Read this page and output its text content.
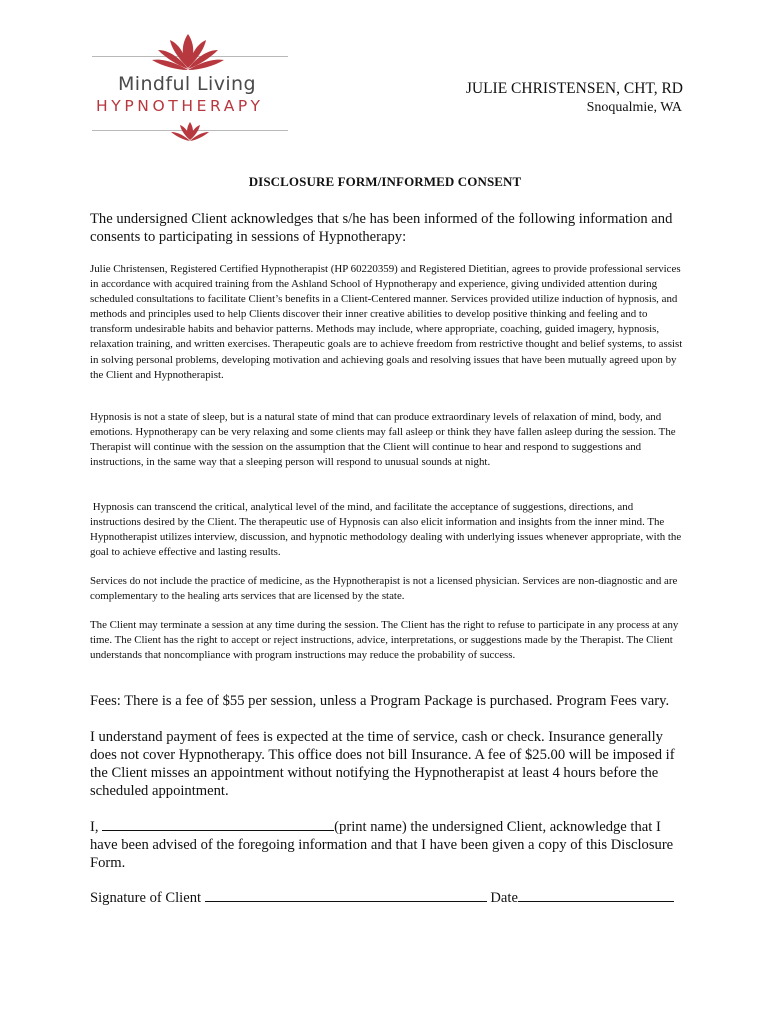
Mindful Living
HYPNOTHERAPY
JULIE CHRISTENSEN, CHT, RD
Snoqualmie, WA
DISCLOSURE FORM/INFORMED CONSENT

The undersigned Client acknowledges that s/he has been informed of the following information and consents to participating in sessions of Hypnotherapy:

Julie Christensen, Registered Certified Hypnotherapist (HP 60220359) and Registered Dietitian, agrees to provide professional services in accordance with acquired training from the Ashland School of Hypnotherapy and experience, giving undivided attention during scheduled consultations to facilitate Client’s benefits in a Client-Centered manner. Services provided utilize induction of hypnosis, and methods and principles used to help Clients discover their inner creative abilities to develop positive thinking and feeling and to transform undesirable habits and behavior patterns. Methods may include, where appropriate, coaching, guided imagery, hypnosis, relaxation training, and written exercises. Therapeutic goals are to achieve freedom from restrictive thought and belief systems, to assist in solving personal problems, developing motivation and achieving goals and resolving issues that have been mutually agreed upon by the Client and Hypnotherapist.

Hypnosis is not a state of sleep, but is a natural state of mind that can produce extraordinary levels of relaxation of mind, body, and emotions. Hypnotherapy can be very relaxing and some clients may fall asleep or think they have fallen asleep during the session. The Therapist will continue with the session on the assumption that the Client will continue to hear and respond to suggestions and instructions, in the same way that a sleeping person will respond to unusual sounds at night.

Hypnosis can transcend the critical, analytical level of the mind, and facilitate the acceptance of suggestions, directions, and instructions desired by the Client. The therapeutic use of Hypnosis can also elicit information and insights from the inner mind. The Hypnotherapist utilizes interview, discussion, and hypnotic methodology dealing with underlying issues whenever appropriate, with the goal to achieve effective and lasting results.

Services do not include the practice of medicine, as the Hypnotherapist is not a licensed physician. Services are non-diagnostic and are complementary to the healing arts services that are licensed by the state.

The Client may terminate a session at any time during the session. The Client has the right to refuse to participate in any process at any time. The Client has the right to accept or reject instructions, advice, interpretations, or suggestions made by the Therapist. The Client understands that noncompliance with program instructions may reduce the probability of success.

Fees: There is a fee of $55 per session, unless a Program Package is purchased. Program Fees vary.

I understand payment of fees is expected at the time of service, cash or check. Insurance generally does not cover Hypnotherapy. This office does not bill Insurance. A fee of $25.00 will be imposed if the Client misses an appointment without notifying the Hypnotherapist at least 4 hours before the scheduled appointment.

I,	(print name) the undersigned Client, acknowledge that I have been advised of the foregoing information and that I have been given a copy of this Disclosure Form.

Signature of Client	Date
